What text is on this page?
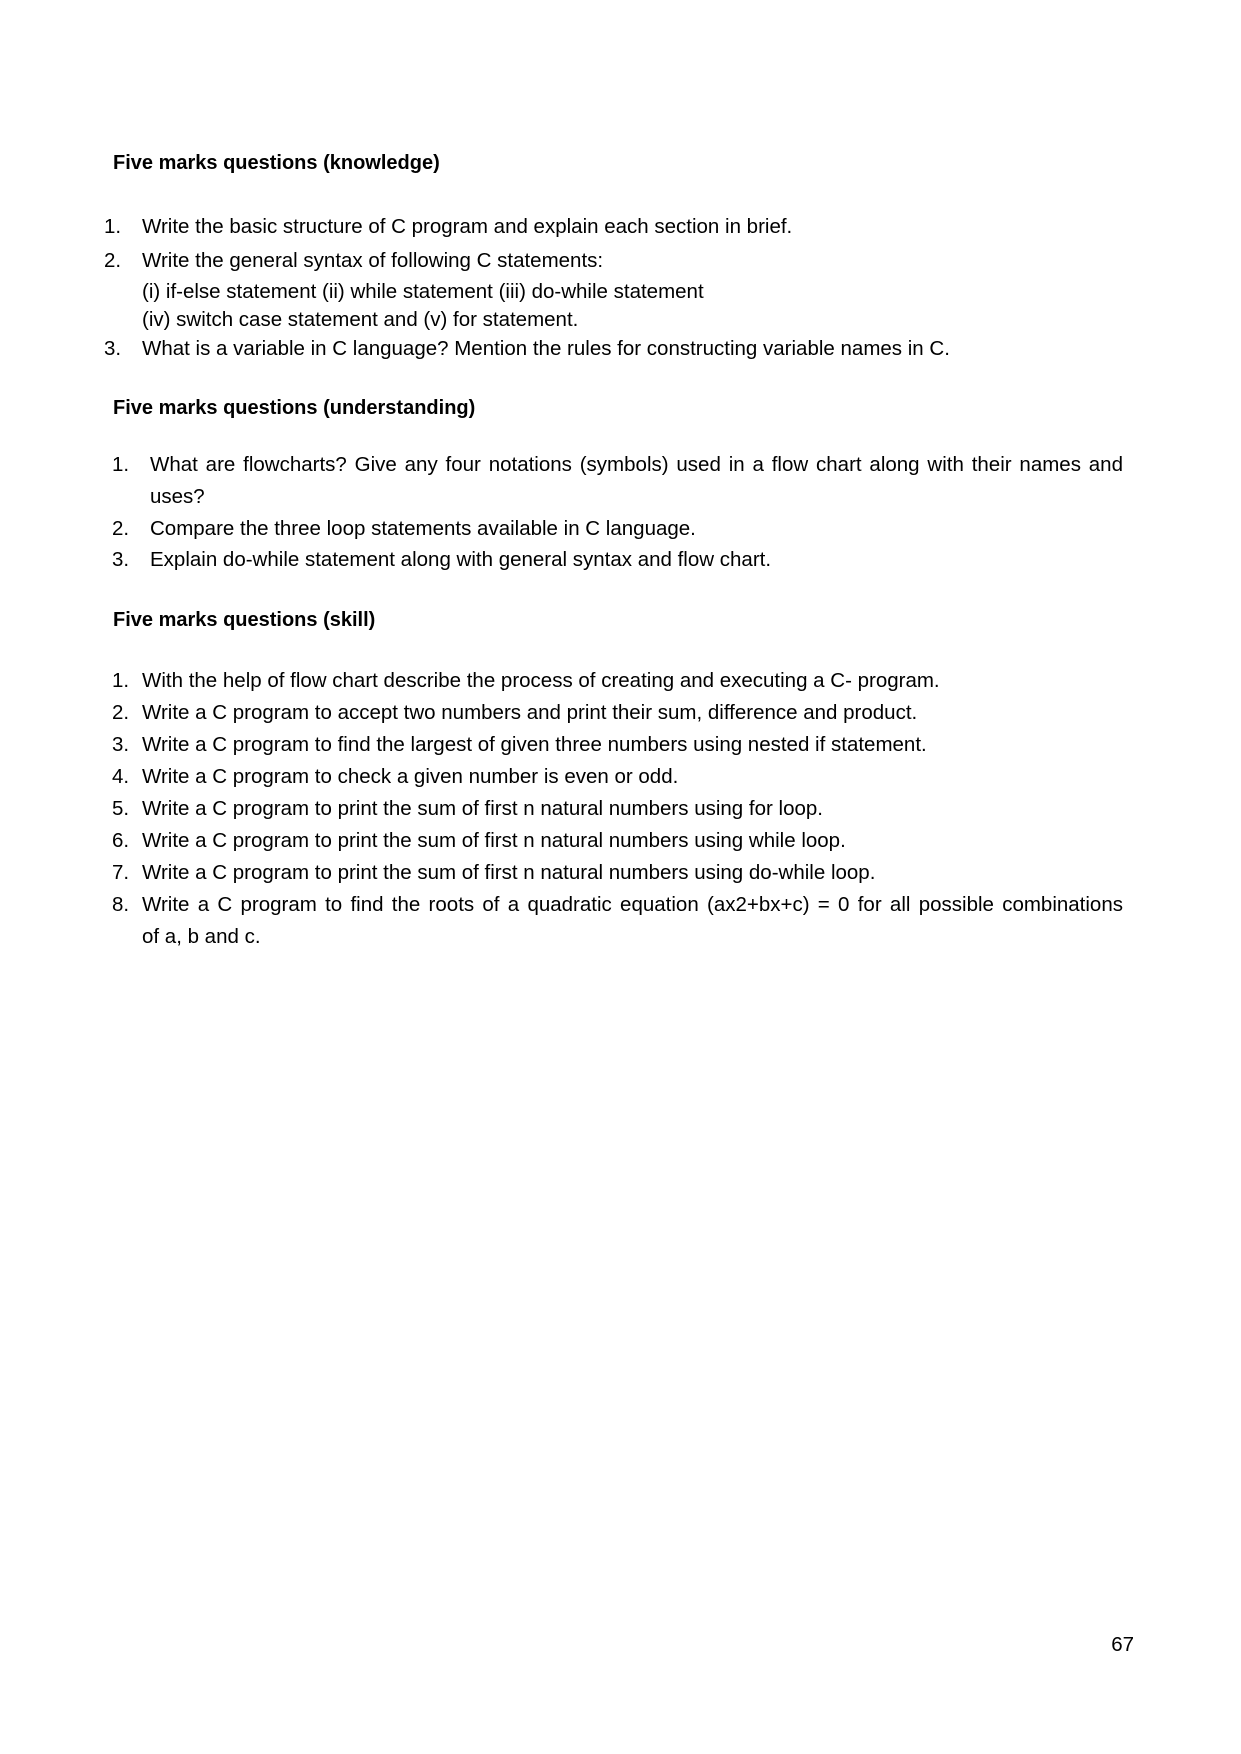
Five marks questions (knowledge)
1. Write the basic structure of C program and explain each section in brief.
2. Write the general syntax of following C statements:
(i) if-else statement (ii) while statement (iii) do-while statement
(iv) switch case statement and (v) for statement.
3. What is a variable in C language? Mention the rules for constructing variable names in C.
Five marks questions (understanding)
1. What are flowcharts? Give any four notations (symbols) used in a flow chart along with their names and
uses?
2. Compare the three loop statements available in C language.
3. Explain do-while statement along with general syntax and flow chart.
Five marks questions (skill)
1. With the help of flow chart describe the process of creating and executing a C- program.
2. Write a C program to accept two numbers and print their sum, difference and product.
3. Write a C program to find the largest of given three numbers using nested if statement.
4. Write a C program to check a given number is even or odd.
5. Write a C program to print the sum of first n natural numbers using for loop.
6. Write a C program to print the sum of first n natural numbers using while loop.
7. Write a C program to print the sum of first n natural numbers using do-while loop.
8. Write a C program to find the roots of a quadratic equation (ax2+bx+c) = 0 for all possible combinations
of a, b and c.
67
